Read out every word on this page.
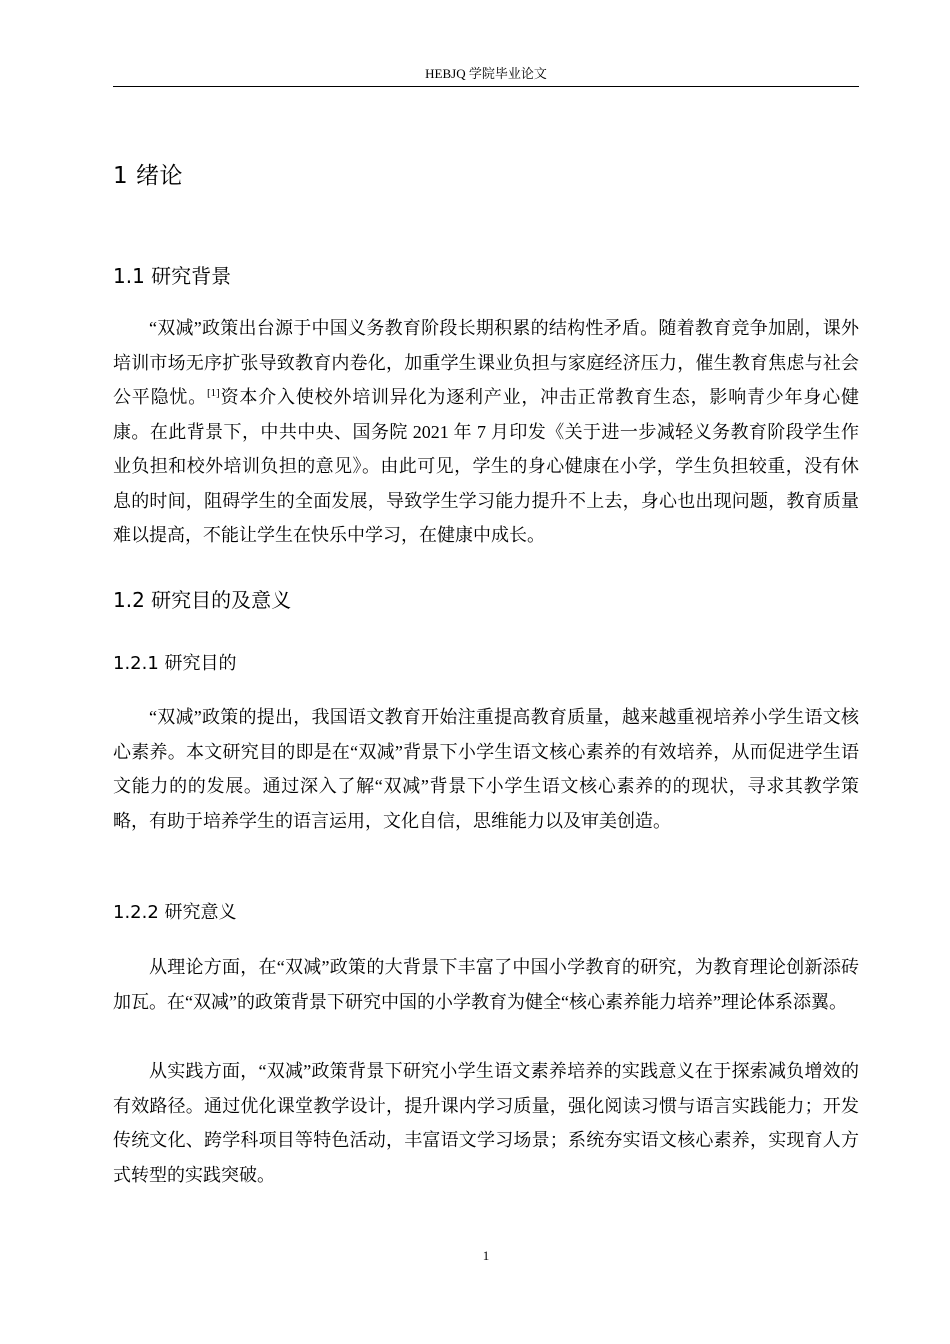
HEBJQ 学院毕业论文
1 绪论
1.1 研究背景

“双减”政策出台源于中国义务教育阶段长期积累的结构性矛盾。随着教育竞争加剧，课外培训市场无序扩张导致教育内卷化，加重学生课业负担与家庭经济压力，催生教育焦虑与社会公平隐忧。[1]资本介入使校外培训异化为逐利产业，冲击正常教育生态，影响青少年身心健康。在此背景下，中共中央、国务院 2021 年 7 月印发《关于进一步减轻义务教育阶段学生作业负担和校外培训负担的意见》。由此可见，学生的身心健康在小学，学生负担较重，没有休息的时间，阻碍学生的全面发展，导致学生学习能力提升不上去，身心也出现问题，教育质量难以提高，不能让学生在快乐中学习，在健康中成长。

1.2 研究目的及意义
1.2.1 研究目的

“双减”政策的提出，我国语文教育开始注重提高教育质量，越来越重视培养小学生语文核心素养。本文研究目的即是在“双减”背景下小学生语文核心素养的有效培养，从而促进学生语文能力的的发展。通过深入了解“双减”背景下小学生语文核心素养的的现状，寻求其教学策略，有助于培养学生的语言运用，文化自信，思维能力以及审美创造。

1.2.2 研究意义

从理论方面，在“双减”政策的大背景下丰富了中国小学教育的研究，为教育理论创新添砖加瓦。在“双减”的政策背景下研究中国的小学教育为健全“核心素养能力培养”理论体系添翼。

从实践方面，“双减”政策背景下研究小学生语文素养培养的实践意义在于探索减负增效的有效路径。通过优化课堂教学设计，提升课内学习质量，强化阅读习惯与语言实践能力；开发传统文化、跨学科项目等特色活动，丰富语文学习场景；系统夯实语文核心素养，实现育人方式转型的实践突破。

1
